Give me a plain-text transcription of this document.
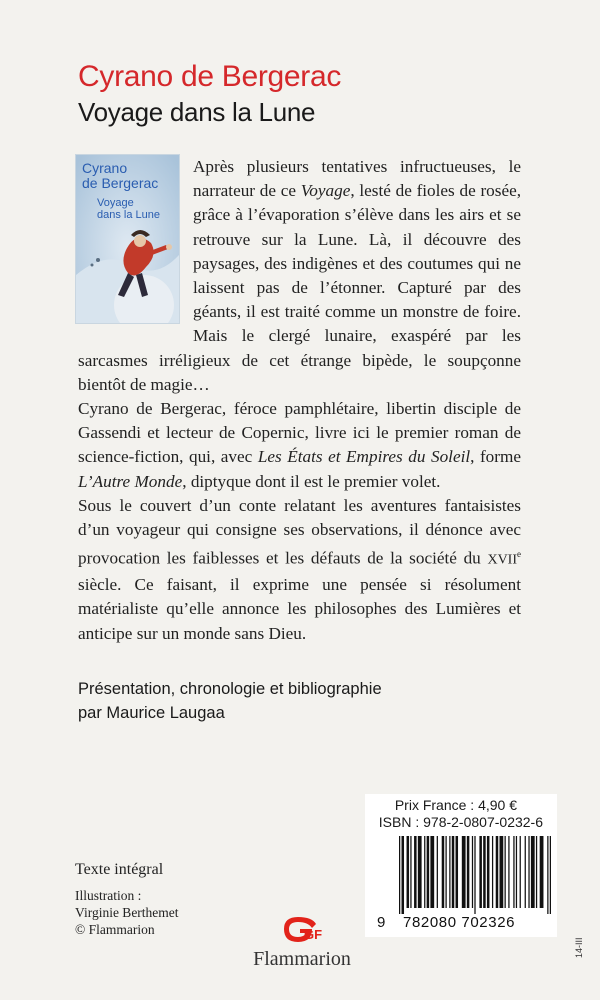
Cyrano de Bergerac
Voyage dans la Lune
Cyrano
de Bergerac
Voyage
dans la Lune

Après plusieurs tentatives infructueuses, le narrateur de ce Voyage, lesté de fioles de rosée, grâce à l’évaporation s’élève dans les airs et se retrouve sur la Lune. Là, il découvre des paysages, des indigènes et des coutumes qui ne laissent pas de l’étonner. Capturé par des géants, il est traité comme un monstre de foire. Mais le clergé lunaire, exaspéré par les sarcasmes irréligieux de cet étrange bipède, le soupçonne bientôt de magie…

Cyrano de Bergerac, féroce pamphlétaire, libertin disciple de Gassendi et lecteur de Copernic, livre ici le premier roman de science-fiction, qui, avec Les États et Empires du Soleil, forme L’Autre Monde, diptyque dont il est le premier volet.

Sous le couvert d’un conte relatant les aventures fantaisistes d’un voyageur qui consigne ses observations, il dénonce avec provocation les faiblesses et les défauts de la société du XVIIe siècle. Ce faisant, il exprime une pensée si résolument matérialiste qu’elle annonce les philosophes des Lumières et anticipe sur un monde sans Dieu.

Présentation, chronologie et bibliographie
par Maurice Laugaa
Prix France : 4,90 €
ISBN : 978-2-0807-0232-6
9 782080 702326
Texte intégral
Illustration :
Virginie Berthemet
© Flammarion	GF
Flammarion
14-III
